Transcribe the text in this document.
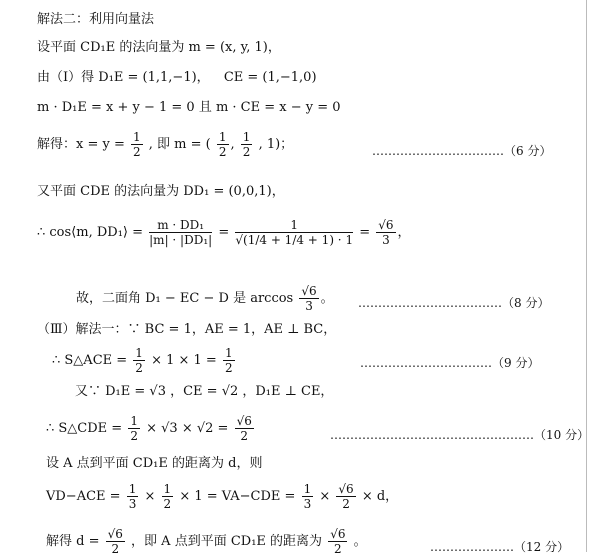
解法二：利用向量法
设平面 CD₁E 的法向量为 m = (x, y, 1)，
由（Ⅰ）得 D₁E = (1,1,−1)， CE = (1,−1,0)
m · D₁E = x + y − 1 = 0 且 m · CE = x − y = 0
解得：$x = y = \frac{1}{2}$ , 即 m = ( $\frac{1}{2}$ , $\frac{1}{2}$ , 1)；	……………………………（6 分）
又平面 CDE 的法向量为 DD₁ = (0,0,1)，
∴ cos⟨m, DD₁⟩ = $\frac{\text{m · DD₁}}{\text{|m| · |DD₁|}} = \frac{1}{√(1/4 + 1/4 + 1) \cdot 1} = \frac{√6}{3}$ ，
故，二面角 D₁ − EC − D 是 $\arccos \frac{√6}{3}$ 。 ………………………………（8 分）
（Ⅲ）解法一：∵ BC = 1，AE = 1，AE ⊥ BC，
∴ S△ACE = $\frac{1}{2} \times 1 \times 1 = \frac{1}{2}$	……………………………（9 分）
又∵ D₁E = √3 ，CE = √2 ，D₁E ⊥ CE，
∴ S△CDE = $\frac{1}{2} \times √3 \times √2 = \frac{√6}{2}$	……………………………………………（10 分）
设 A 点到平面 CD₁E 的距离为 d，则
$VD-ACE = \frac{1}{3} \times \frac{1}{2} \times 1 = VA-CDE = \frac{1}{3} \times \frac{√6}{2} \times d$，
解得 $d = \frac{√6}{2}$ ，即 A 点到平面 CD₁E 的距离为 $\frac{√6}{2}$ 。	…………………（12 分）
